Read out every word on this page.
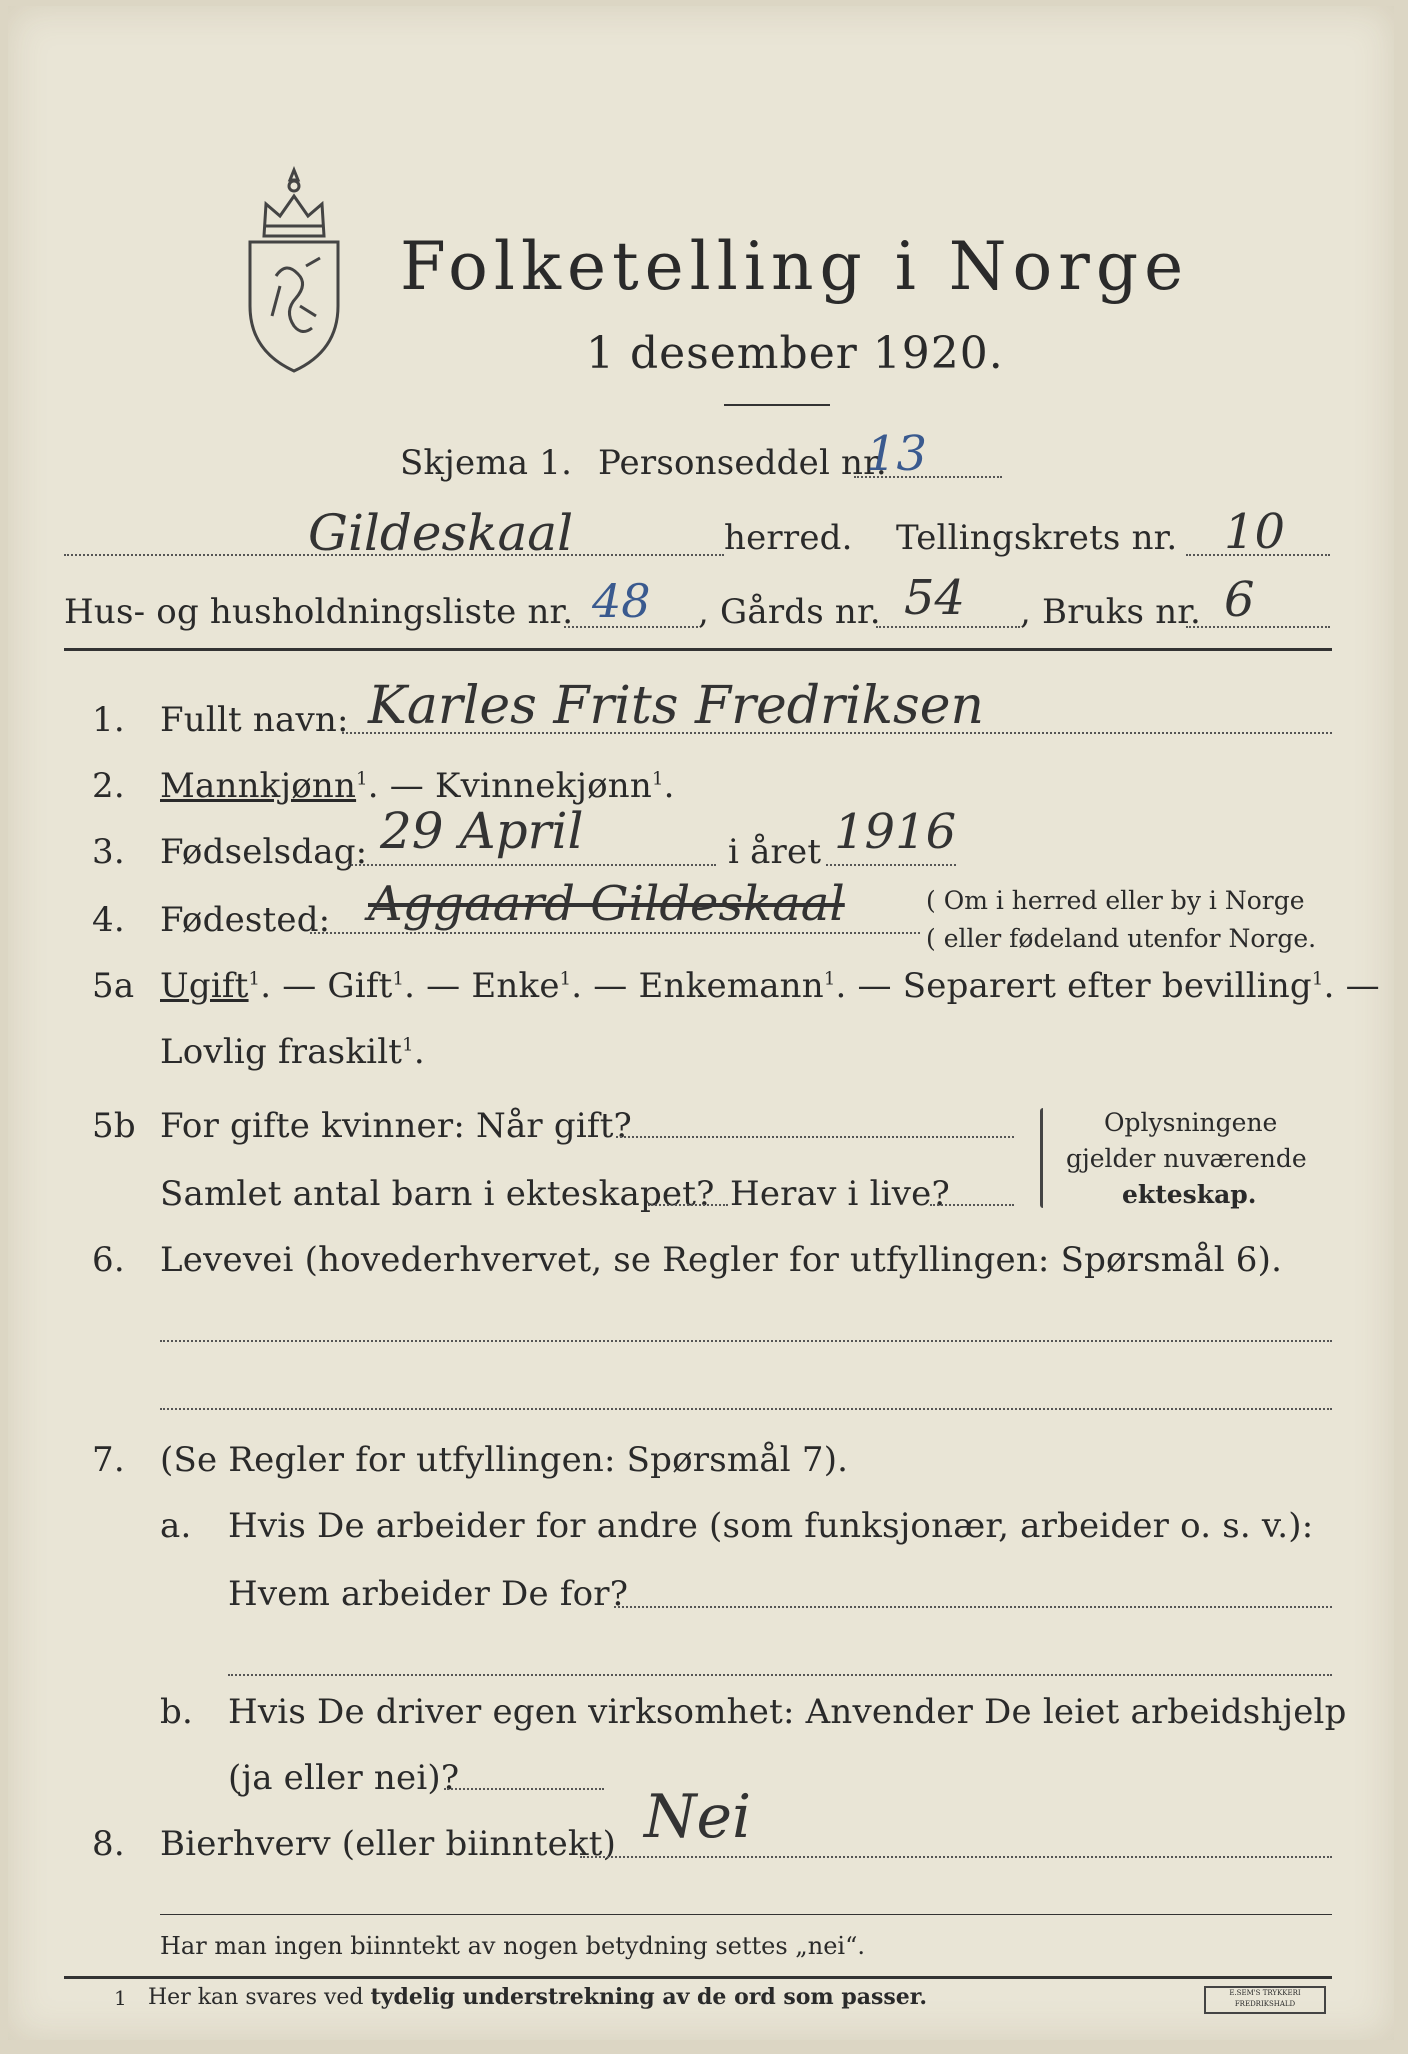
Folketelling i Norge
1 desember 1920.
Skjema 1. Personseddel nr.
13
Gildeskaal	herred. Tellingskrets nr. 10
Hus- og husholdningsliste nr. 48 , Gårds nr. 54 , Bruks nr. 6
1. Fullt navn: Karles Frits Fredriksen
2. Mannkjønn$^1$. — Kvinnekjønn$^1$.
3. Fødselsdag: 29 April	i året 1916
4. Fødested: Aggaard Gildeskaal	( Om i herred eller by i Norge
( eller fødeland utenfor Norge.
5a Ugift$^1$. — Gift$^1$. — Enke$^1$. — Enkemann$^1$. — Separert efter bevilling$^1$. —
Lovlig fraskilt$^1$.
5b For gifte kvinner: Når gift?
Samlet antal barn i ekteskapet? Herav i live?
Oplysningene
gjelder nuværende
ekteskap.
6. Levevei (hovederhvervet, se Regler for utfyllingen: Spørsmål 6).
7. (Se Regler for utfyllingen: Spørsmål 7).
a. Hvis De arbeider for andre (som funksjonær, arbeider o. s. v.):
Hvem arbeider De for?
b. Hvis De driver egen virksomhet: Anvender De leiet arbeidshjelp
(ja eller nei)?
8. Bierhverv (eller biinntekt) Nei
Har man ingen biinntekt av nogen betydning settes „nei“.
1 Her kan svares ved tydelig understrekning av de ord som passer.	E.SEM'S TRYKKERI FREDRIKSHALD
